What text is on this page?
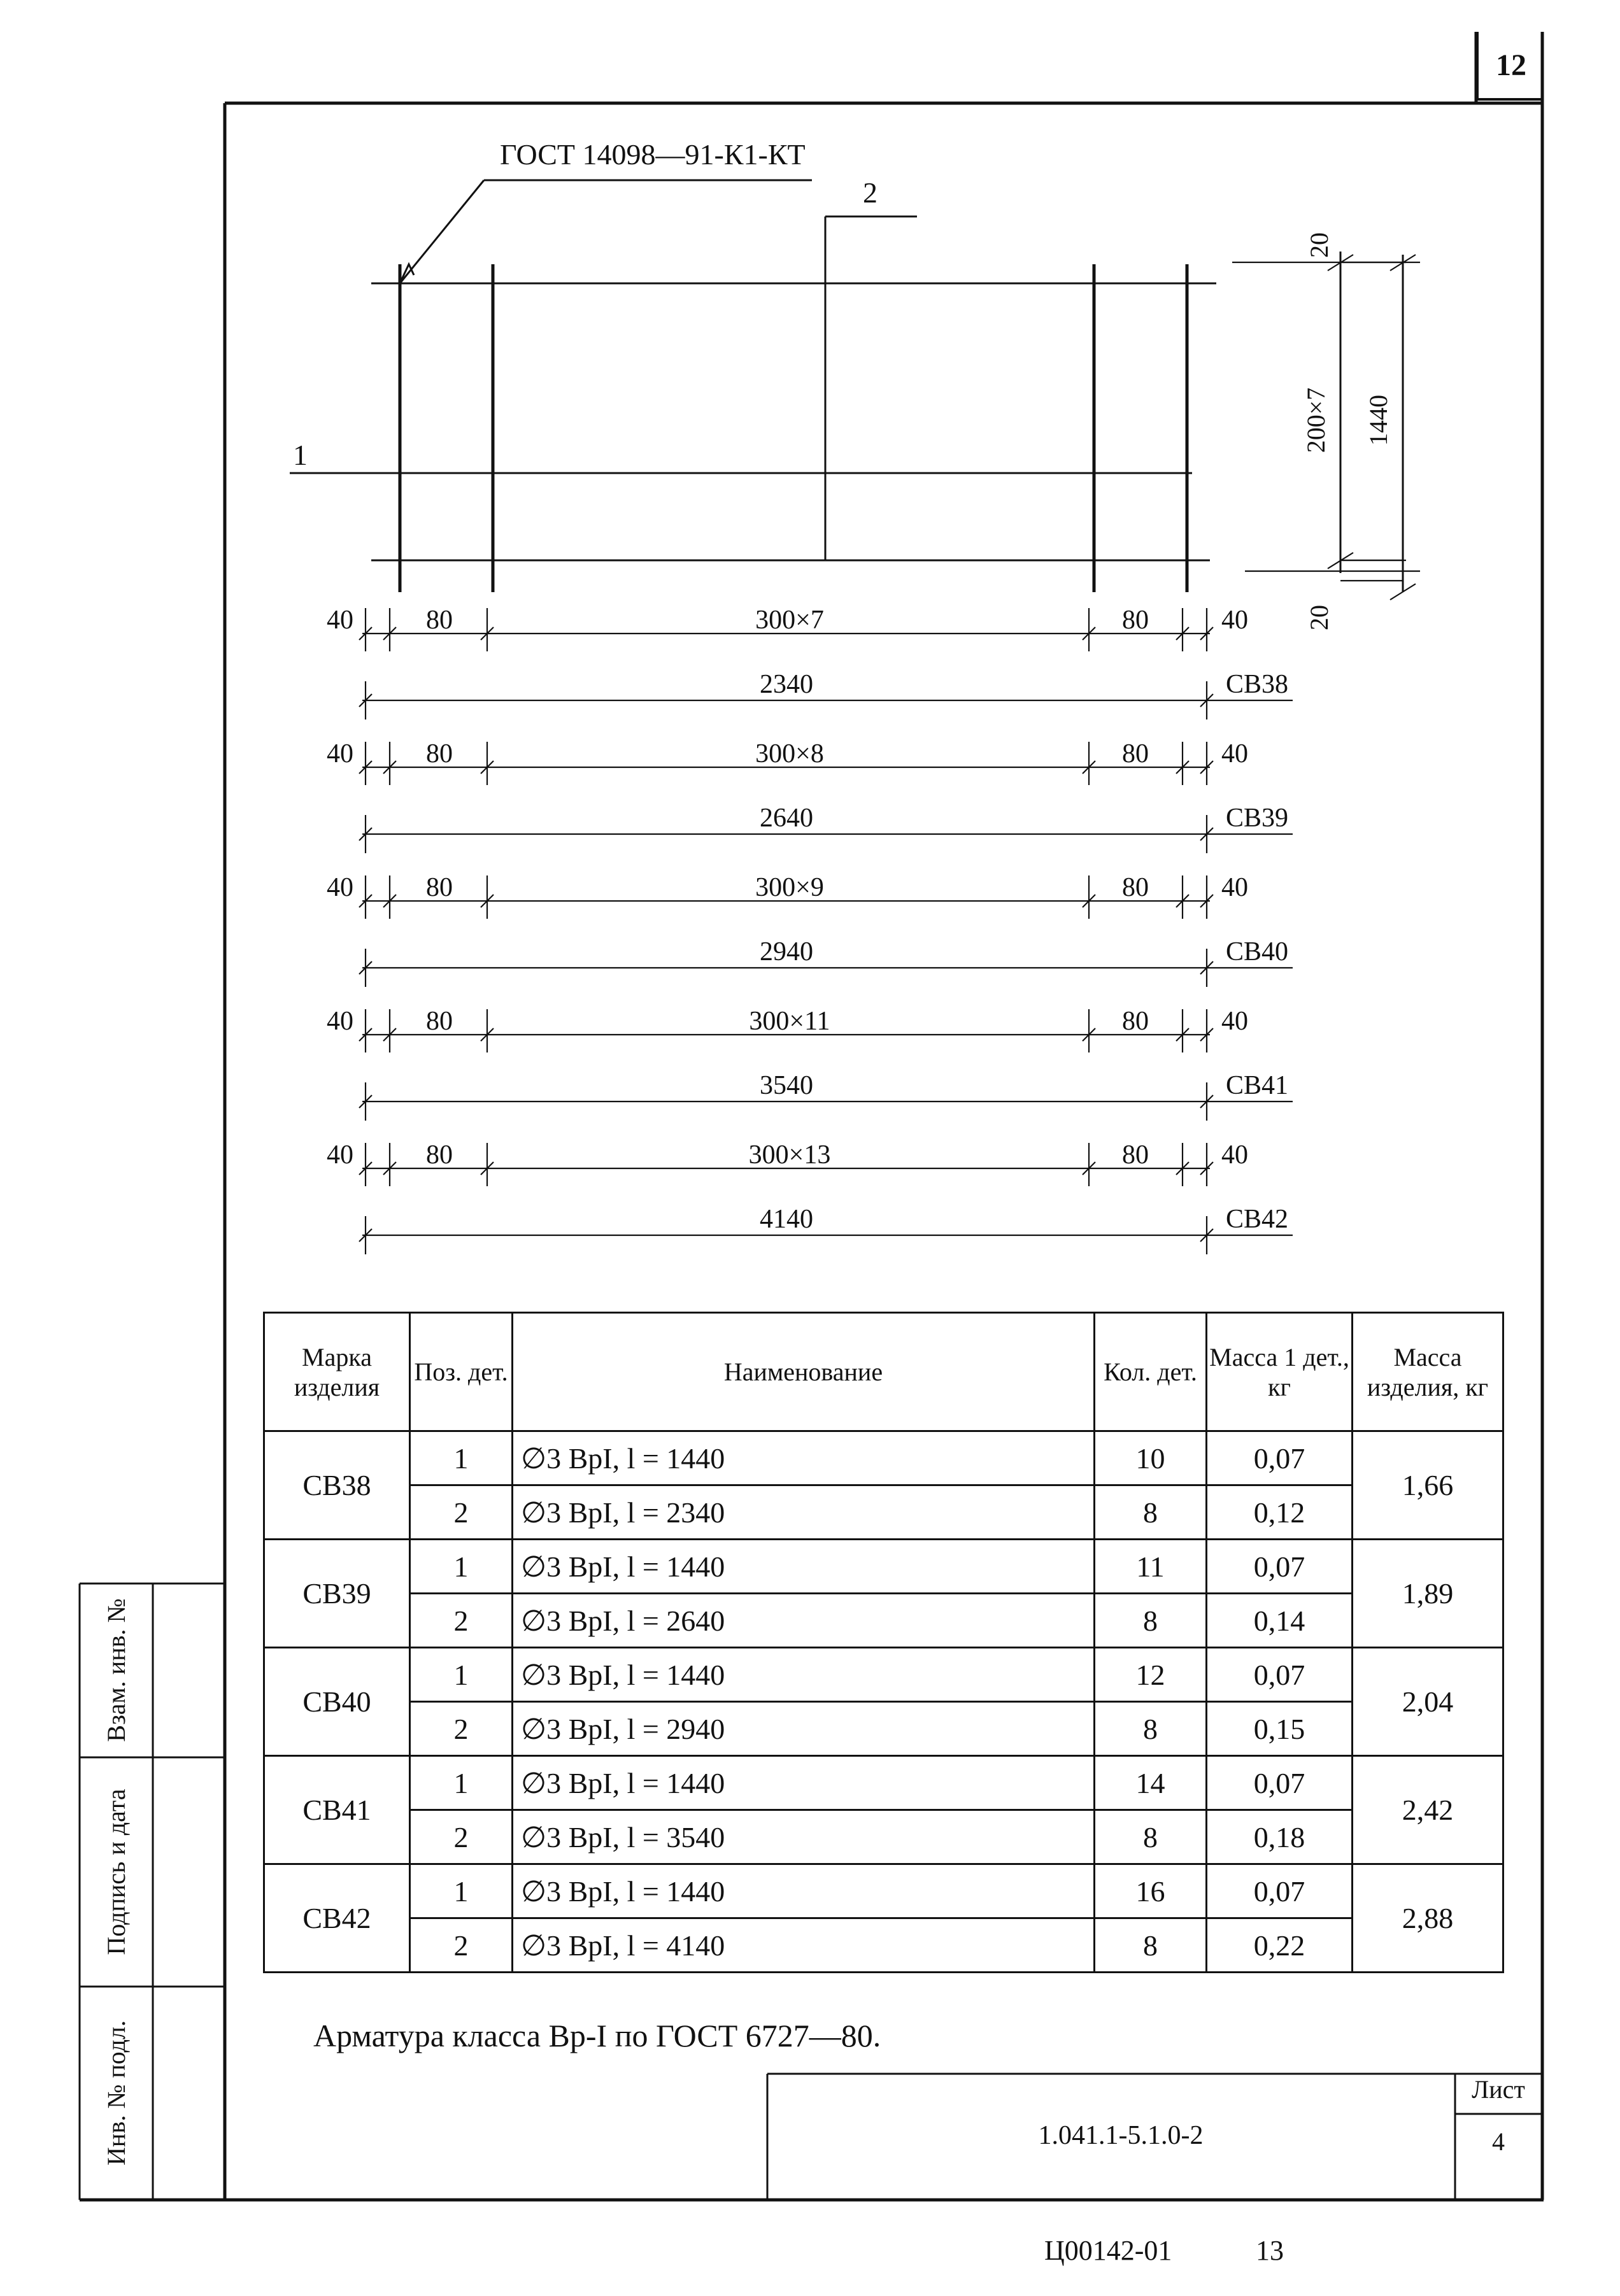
ГОСТ 14098—91-К1-КТ
2
1
20
200×7 1440
20
40	80	300×7	80	40
2340	СВ38
40	80	300×8	80	40
2640	СВ39
40	80	300×9	80	40
2940	СВ40
40	80	300×11	80	40
3540	СВ41
40	80	300×13	80	40
4140	СВ42
12
Марка изделия	Поз. дет.	Наименование	Кол. дет.	Масса 1 дет., кг	Масса изделия, кг
СВ38	1	∅3 ВрI, l = 1440	10	0,07	1,66
	2	∅3 ВрI, l = 2340	8	0,12	
СВ39	1	∅3 ВрI, l = 1440	11	0,07	1,89
	2	∅3 ВрI, l = 2640	8	0,14	
СВ40	1	∅3 ВрI, l = 1440	12	0,07	2,04
	2	∅3 ВрI, l = 2940	8	0,15	
СВ41	1	∅3 ВрI, l = 1440	14	0,07	2,42
	2	∅3 ВрI, l = 3540	8	0,18	
СВ42	1	∅3 ВрI, l = 1440	16	0,07	2,88
	2	∅3 ВрI, l = 4140	8	0,22	
Арматура класса Вр-I по ГОСТ 6727—80.
Взам. инв. №
Подпись и дата
Инв. № подл.	1.041.1-5.1.0-2
Лист
4
Ц00142-01	13
